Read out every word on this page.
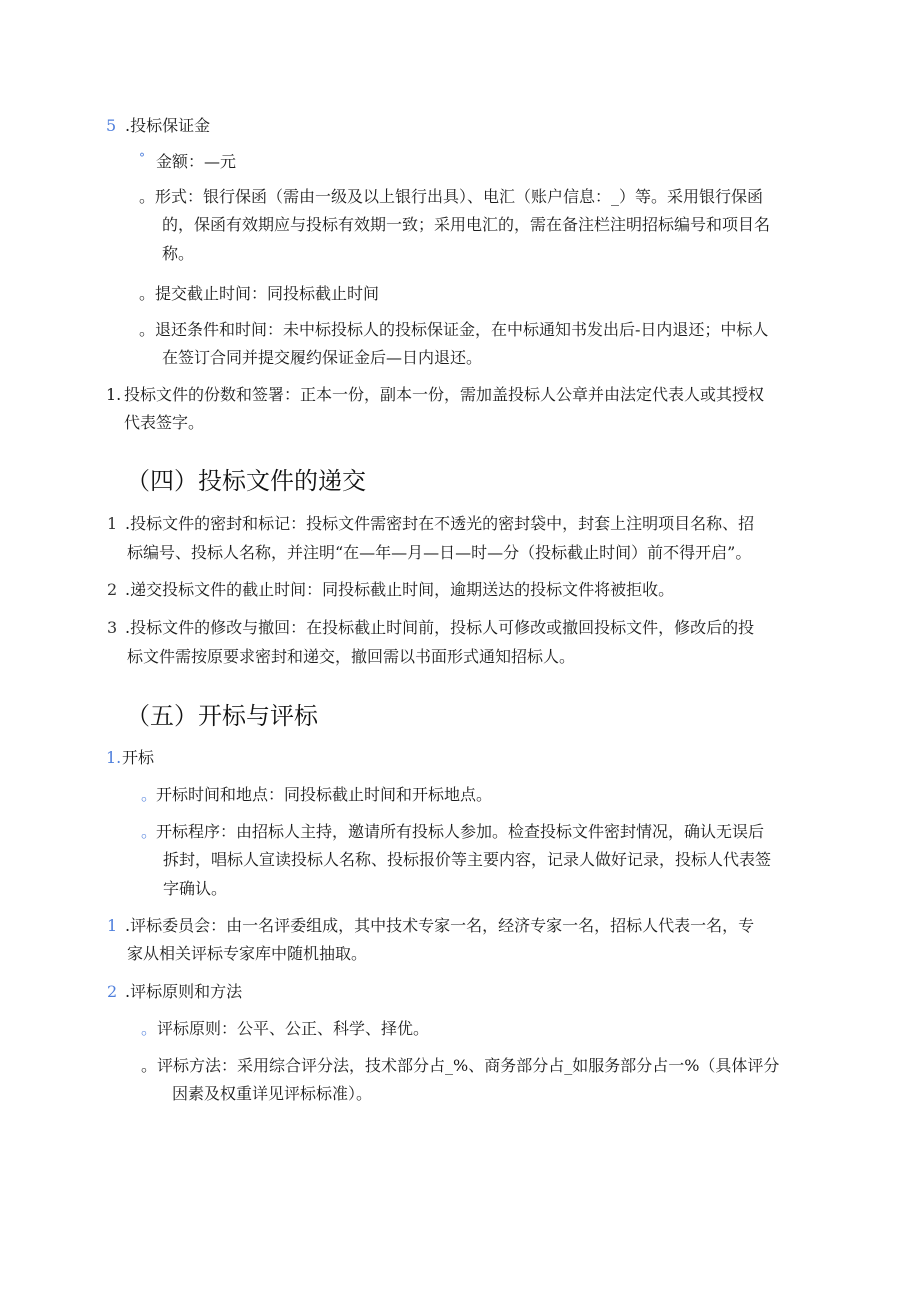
5 .投标保证金
° 金额：—元
。 形式：银行保函（需由一级及以上银行出具）、电汇（账户信息：_）等。采用银行保函
的，保函有效期应与投标有效期一致；采用电汇的，需在备注栏注明招标编号和项目名
称。
。 提交截止时间：同投标截止时间
。 退还条件和时间：未中标投标人的投标保证金，在中标通知书发出后-日内退还；中标人
在签订合同并提交履约保证金后—日内退还。
1. 投标文件的份数和签署：正本一份，副本一份，需加盖投标人公章并由法定代表人或其授权
代表签字。
（四）投标文件的递交
1 .投标文件的密封和标记：投标文件需密封在不透光的密封袋中，封套上注明项目名称、招
标编号、投标人名称，并注明“在—年—月—日—时—分（投标截止时间）前不得开启”。
2 .递交投标文件的截止时间：同投标截止时间，逾期送达的投标文件将被拒收。
3 .投标文件的修改与撤回：在投标截止时间前，投标人可修改或撤回投标文件，修改后的投
标文件需按原要求密封和递交，撤回需以书面形式通知招标人。
（五）开标与评标
1. 开标
。
开标时间和地点：同投标截止时间和开标地点。
。
开标程序：由招标人主持，邀请所有投标人参加。检查投标文件密封情况，确认无误后
拆封，唱标人宣读投标人名称、投标报价等主要内容，记录人做好记录，投标人代表签
字确认。
1 .评标委员会：由一名评委组成，其中技术专家一名，经济专家一名，招标人代表一名，专
家从相关评标专家库中随机抽取。
2 .评标原则和方法
。 评标原则：公平、公正、科学、择优。
。 评标方法：采用综合评分法，技术部分占_%、商务部分占_如服务部分占一%（具体评分
因素及权重详见评标标准）。
